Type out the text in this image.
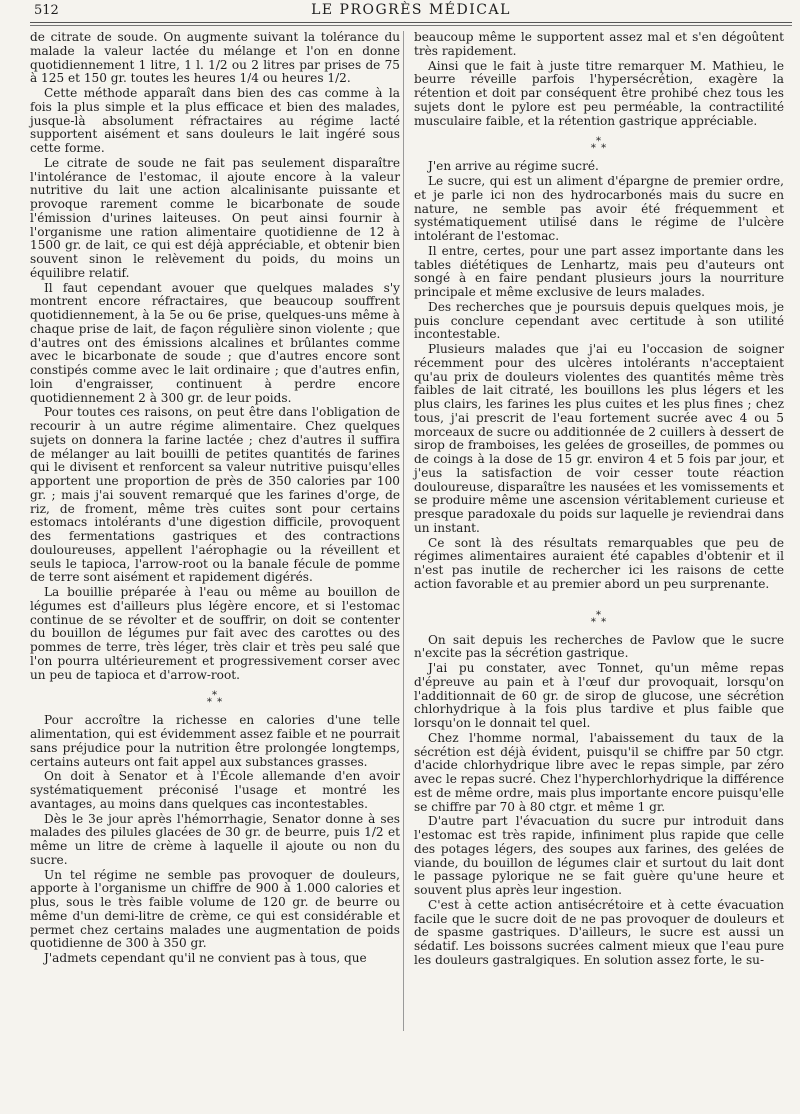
512	LE PROGRÈS MÉDICAL

de citrate de soude. On augmente suivant la tolérance du malade la valeur lactée du mélange et l'on en donne quotidiennement 1 litre, 1 l. 1/2 ou 2 litres par prises de 75 à 125 et 150 gr. toutes les heures 1/4 ou heures 1/2.

Cette méthode apparaît dans bien des cas comme à la fois la plus simple et la plus efficace et bien des malades, jusque-là absolument réfractaires au régime lacté supportent aisément et sans douleurs le lait ingéré sous cette forme.

Le citrate de soude ne fait pas seulement disparaître l'intolérance de l'estomac, il ajoute encore à la valeur nutritive du lait une action alcalinisante puissante et provoque rarement comme le bicarbonate de soude l'émission d'urines laiteuses. On peut ainsi fournir à l'organisme une ration alimentaire quotidienne de 12 à 1500 gr. de lait, ce qui est déjà appréciable, et obtenir bien souvent sinon le relèvement du poids, du moins un équilibre relatif.

Il faut cependant avouer que quelques malades s'y montrent encore réfractaires, que beaucoup souffrent quotidiennement, à la 5e ou 6e prise, quelques-uns même à chaque prise de lait, de façon régulière sinon violente ; que d'autres ont des émissions alcalines et brûlantes comme avec le bicarbonate de soude ; que d'autres encore sont constipés comme avec le lait ordinaire ; que d'autres enfin, loin d'engraisser, continuent à perdre encore quotidiennement 2 à 300 gr. de leur poids.

Pour toutes ces raisons, on peut être dans l'obligation de recourir à un autre régime alimentaire. Chez quelques sujets on donnera la farine lactée ; chez d'autres il suffira de mélanger au lait bouilli de petites quantités de farines qui le divisent et renforcent sa valeur nutritive puisqu'elles apportent une proportion de près de 350 calories par 100 gr. ; mais j'ai souvent remarqué que les farines d'orge, de riz, de froment, même très cuites sont pour certains estomacs intolérants d'une digestion difficile, provoquent des fermentations gastriques et des contractions douloureuses, appellent l'aérophagie ou la réveillent et seuls le tapioca, l'arrow-root ou la banale fécule de pomme de terre sont aisément et rapidement digérés.

La bouillie préparée à l'eau ou même au bouillon de légumes est d'ailleurs plus légère encore, et si l'estomac continue de se révolter et de souffrir, on doit se contenter du bouillon de légumes pur fait avec des carottes ou des pommes de terre, très léger, très clair et très peu salé que l'on pourra ultérieurement et progressivement corser avec un peu de tapioca et d'arrow-root.

*
* *

Pour accroître la richesse en calories d'une telle alimentation, qui est évidemment assez faible et ne pourrait sans préjudice pour la nutrition être prolongée longtemps, certains auteurs ont fait appel aux substances grasses.

On doit à Senator et à l'École allemande d'en avoir systématiquement préconisé l'usage et montré les avantages, au moins dans quelques cas incontestables.

Dès le 3e jour après l'hémorrhagie, Senator donne à ses malades des pilules glacées de 30 gr. de beurre, puis 1/2 et même un litre de crème à laquelle il ajoute ou non du sucre.

Un tel régime ne semble pas provoquer de douleurs, apporte à l'organisme un chiffre de 900 à 1.000 calories et plus, sous le très faible volume de 120 gr. de beurre ou même d'un demi-litre de crème, ce qui est considérable et permet chez certains malades une augmentation de poids quotidienne de 300 à 350 gr.

J'admets cependant qu'il ne convient pas à tous, que

beaucoup même le supportent assez mal et s'en dégoûtent très rapidement.

Ainsi que le fait à juste titre remarquer M. Mathieu, le beurre réveille parfois l'hypersécrétion, exagère la rétention et doit par conséquent être prohibé chez tous les sujets dont le pylore est peu perméable, la contractilité musculaire faible, et la rétention gastrique appréciable.

*
* *

J'en arrive au régime sucré.

Le sucre, qui est un aliment d'épargne de premier ordre, et je parle ici non des hydrocarbonés mais du sucre en nature, ne semble pas avoir été fréquemment et systématiquement utilisé dans le régime de l'ulcère intolérant de l'estomac.

Il entre, certes, pour une part assez importante dans les tables diététiques de Lenhartz, mais peu d'auteurs ont songé à en faire pendant plusieurs jours la nourriture principale et même exclusive de leurs malades.

Des recherches que je poursuis depuis quelques mois, je puis conclure cependant avec certitude à son utilité incontestable.

Plusieurs malades que j'ai eu l'occasion de soigner récemment pour des ulcères intolérants n'acceptaient qu'au prix de douleurs violentes des quantités même très faibles de lait citraté, les bouillons les plus légers et les plus clairs, les farines les plus cuites et les plus fines ; chez tous, j'ai prescrit de l'eau fortement sucrée avec 4 ou 5 morceaux de sucre ou additionnée de 2 cuillers à dessert de sirop de framboises, les gelées de groseilles, de pommes ou de coings à la dose de 15 gr. environ 4 et 5 fois par jour, et j'eus la satisfaction de voir cesser toute réaction douloureuse, disparaître les nausées et les vomissements et se produire même une ascension véritablement curieuse et presque paradoxale du poids sur laquelle je reviendrai dans un instant.

Ce sont là des résultats remarquables que peu de régimes alimentaires auraient été capables d'obtenir et il n'est pas inutile de rechercher ici les raisons de cette action favorable et au premier abord un peu surprenante.

*
* *

On sait depuis les recherches de Pavlow que le sucre n'excite pas la sécrétion gastrique.

J'ai pu constater, avec Tonnet, qu'un même repas d'épreuve au pain et à l'œuf dur provoquait, lorsqu'on l'additionnait de 60 gr. de sirop de glucose, une sécrétion chlorhydrique à la fois plus tardive et plus faible que lorsqu'on le donnait tel quel.

Chez l'homme normal, l'abaissement du taux de la sécrétion est déjà évident, puisqu'il se chiffre par 50 ctgr. d'acide chlorhydrique libre avec le repas simple, par zéro avec le repas sucré. Chez l'hyperchlorhydrique la différence est de même ordre, mais plus importante encore puisqu'elle se chiffre par 70 à 80 ctgr. et même 1 gr.

D'autre part l'évacuation du sucre pur introduit dans l'estomac est très rapide, infiniment plus rapide que celle des potages légers, des soupes aux farines, des gelées de viande, du bouillon de légumes clair et surtout du lait dont le passage pylorique ne se fait guère qu'une heure et souvent plus après leur ingestion.

C'est à cette action antisécrétoire et à cette évacuation facile que le sucre doit de ne pas provoquer de douleurs et de spasme gastriques. D'ailleurs, le sucre est aussi un sédatif. Les boissons sucrées calment mieux que l'eau pure les douleurs gastralgiques. En solution assez forte, le su-
